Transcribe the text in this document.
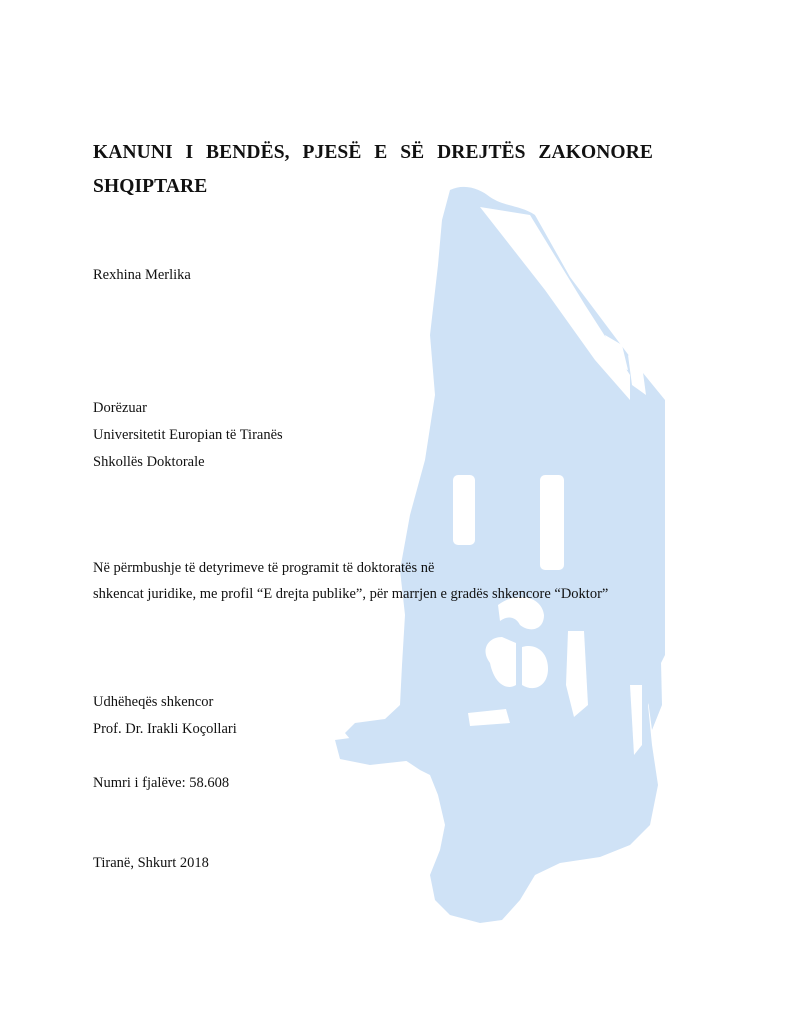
KANUNI I BENDËS, PJESË E SË DREJTËS ZAKONORE SHQIPTARE

Rexhina Merlika

Dorëzuar

Universitetit Europian të Tiranës

Shkollës Doktorale

Në përmbushje të detyrimeve të programit të doktoratës në

shkencat juridike, me profil “E drejta publike”, për marrjen e gradës shkencore “Doktor”

Udhëheqës shkencor

Prof. Dr. Irakli Koçollari

Numri i fjalëve: 58.608

Tiranë, Shkurt 2018
